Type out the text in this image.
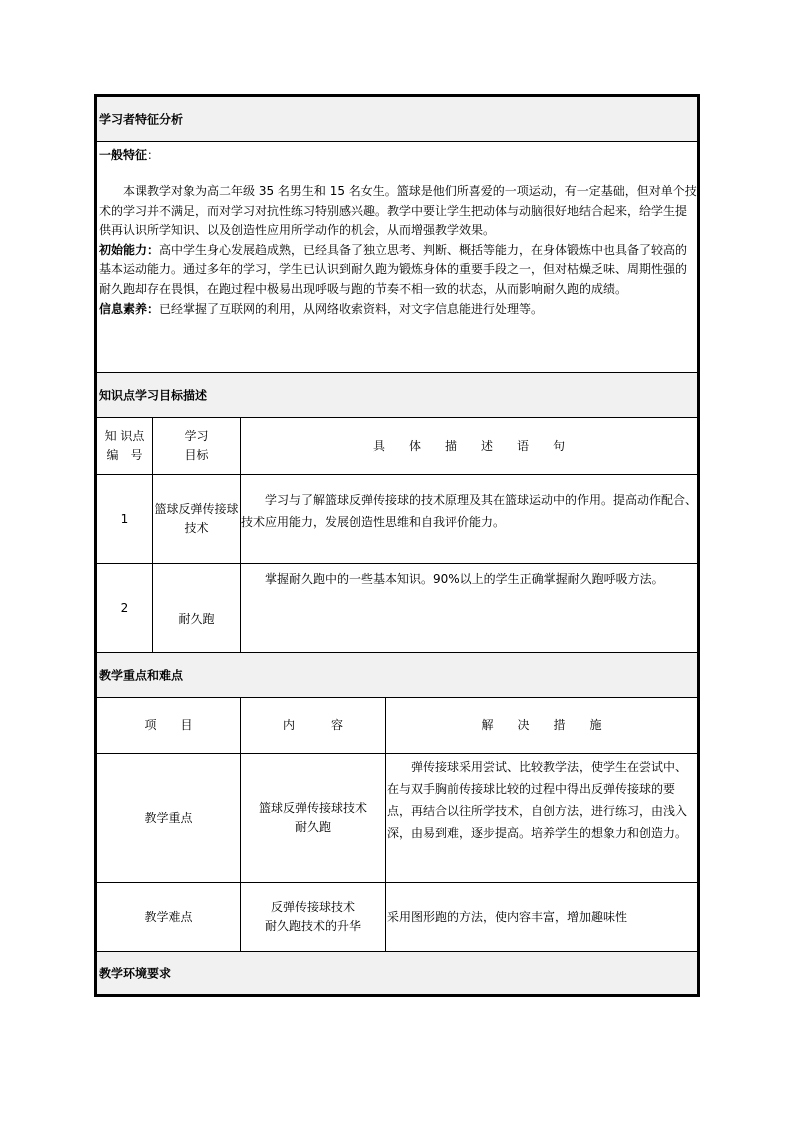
学习者特征分析
一般特征：

本课教学对象为高二年级 35 名男生和 15 名女生。篮球是他们所喜爱的一项运动，有一定基础，但对单个技术的学习并不满足，而对学习对抗性练习特别感兴趣。教学中要让学生把动体与动脑很好地结合起来，给学生提供再认识所学知识、以及创造性应用所学动作的机会，从而增强教学效果。

初始能力：高中学生身心发展趋成熟，已经具备了独立思考、判断、概括等能力，在身体锻炼中也具备了较高的基本运动能力。通过多年的学习，学生已认识到耐久跑为锻炼身体的重要手段之一，但对枯燥乏味、周期性强的耐久跑却存在畏惧，在跑过程中极易出现呼吸与跑的节奏不相一致的状态，从而影响耐久跑的成绩。

信息素养：已经掌握了互联网的利用，从网络收索资料，对文字信息能进行处理等。

知识点学习目标描述
知 识点
编　号
学习
目标
具　　体　　描　　述　　语　　句
1
篮球反弹传接球技术
学习与了解篮球反弹传接球的技术原理及其在篮球运动中的作用。提高动作配合、技术应用能力，发展创造性思维和自我评价能力。
2
耐久跑
掌握耐久跑中的一些基本知识。90%以上的学生正确掌握耐久跑呼吸方法。
教学重点和难点
项　　目	内　　　容	解　　决　　措　　施
教学重点
篮球反弹传接球技术
耐久跑
弹传接球采用尝试、比较教学法，使学生在尝试中、在与双手胸前传接球比较的过程中得出反弹传接球的要点，再结合以往所学技术，自创方法，进行练习，由浅入深，由易到难，逐步提高。培养学生的想象力和创造力。
教学难点
反弹传接球技术
耐久跑技术的升华
采用图形跑的方法，使内容丰富，增加趣味性
教学环境要求
